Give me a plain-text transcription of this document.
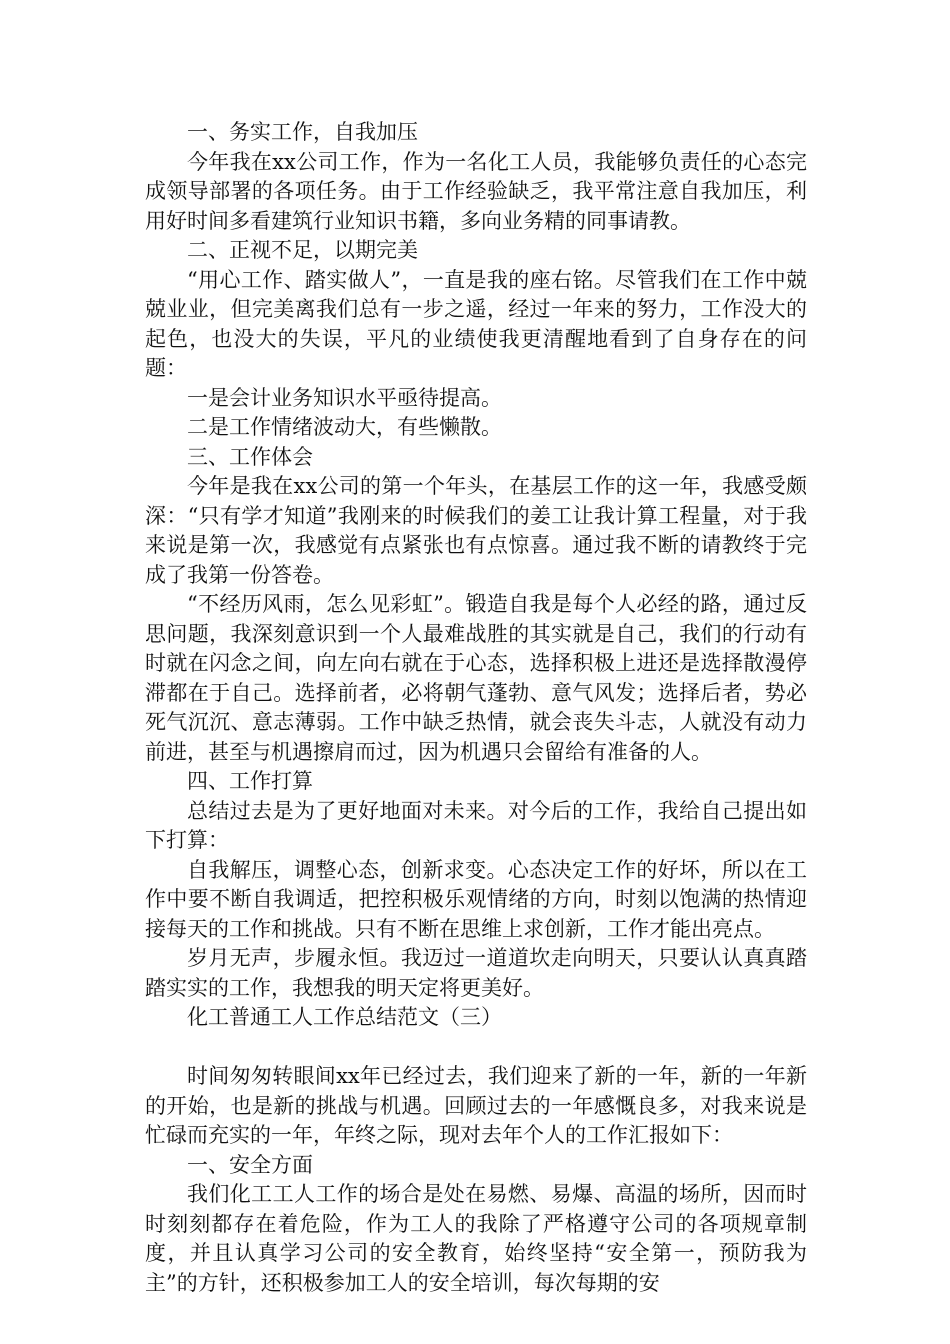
一、务实工作，自我加压

今年我在xx公司工作，作为一名化工人员，我能够负责任的心态完成领导部署的各项任务。由于工作经验缺乏，我平常注意自我加压，利用好时间多看建筑行业知识书籍，多向业务精的同事请教。

二、正视不足，以期完美

“用心工作、踏实做人”，一直是我的座右铭。尽管我们在工作中兢兢业业，但完美离我们总有一步之遥，经过一年来的努力，工作没大的起色，也没大的失误，平凡的业绩使我更清醒地看到了自身存在的问题：

一是会计业务知识水平亟待提高。

二是工作情绪波动大，有些懒散。

三、工作体会

今年是我在xx公司的第一个年头，在基层工作的这一年，我感受颇深：“只有学才知道”我刚来的时候我们的姜工让我计算工程量，对于我来说是第一次，我感觉有点紧张也有点惊喜。通过我不断的请教终于完成了我第一份答卷。

“不经历风雨，怎么见彩虹”。锻造自我是每个人必经的路，通过反思问题，我深刻意识到一个人最难战胜的其实就是自己，我们的行动有时就在闪念之间，向左向右就在于心态，选择积极上进还是选择散漫停滞都在于自己。选择前者，必将朝气蓬勃、意气风发；选择后者，势必死气沉沉、意志薄弱。工作中缺乏热情，就会丧失斗志，人就没有动力前进，甚至与机遇擦肩而过，因为机遇只会留给有准备的人。

四、工作打算

总结过去是为了更好地面对未来。对今后的工作，我给自己提出如下打算：

自我解压，调整心态，创新求变。心态决定工作的好坏，所以在工作中要不断自我调适，把控积极乐观情绪的方向，时刻以饱满的热情迎接每天的工作和挑战。只有不断在思维上求创新，工作才能出亮点。

岁月无声，步履永恒。我迈过一道道坎走向明天，只要认认真真踏踏实实的工作，我想我的明天定将更美好。

化工普通工人工作总结范文（三）

时间匆匆转眼间xx年已经过去，我们迎来了新的一年，新的一年新的开始，也是新的挑战与机遇。回顾过去的一年感慨良多，对我来说是忙碌而充实的一年，年终之际，现对去年个人的工作汇报如下：

一、安全方面

我们化工工人工作的场合是处在易燃、易爆、高温的场所，因而时时刻刻都存在着危险，作为工人的我除了严格遵守公司的各项规章制度，并且认真学习公司的安全教育，始终坚持“安全第一，预防我为主”的方针，还积极参加工人的安全培训，每次每期的安
